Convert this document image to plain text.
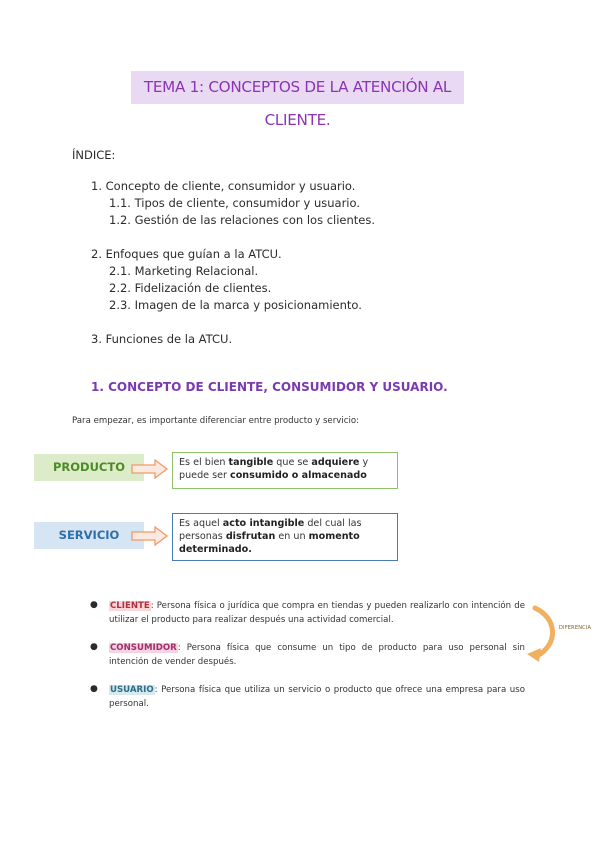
TEMA 1: CONCEPTOS DE LA ATENCIÓN AL CLIENTE.
ÍNDICE:
1. Concepto de cliente, consumidor y usuario.
1.1. Tipos de cliente, consumidor y usuario.
1.2. Gestión de las relaciones con los clientes.
2. Enfoques que guían a la ATCU.
2.1. Marketing Relacional.
2.2. Fidelización de clientes.
2.3. Imagen de la marca y posicionamiento.
3. Funciones de la ATCU.
1. CONCEPTO DE CLIENTE, CONSUMIDOR Y USUARIO.
Para empezar, es importante diferenciar entre producto y servicio:
PRODUCTO	Es el bien tangible que se adquiere y puede ser consumido o almacenado
SERVICIO
Es aquel acto intangible del cual las personas disfrutan en un momento determinado.
● CLIENTE: Persona física o jurídica que compra en tiendas y pueden realizarlo con intención de utilizar el producto para realizar después una actividad comercial.
● CONSUMIDOR: Persona física que consume un tipo de producto para uso personal sin intención de vender después.
● USUARIO: Persona física que utiliza un servicio o producto que ofrece una empresa para uso personal.
DIFERENCIA
